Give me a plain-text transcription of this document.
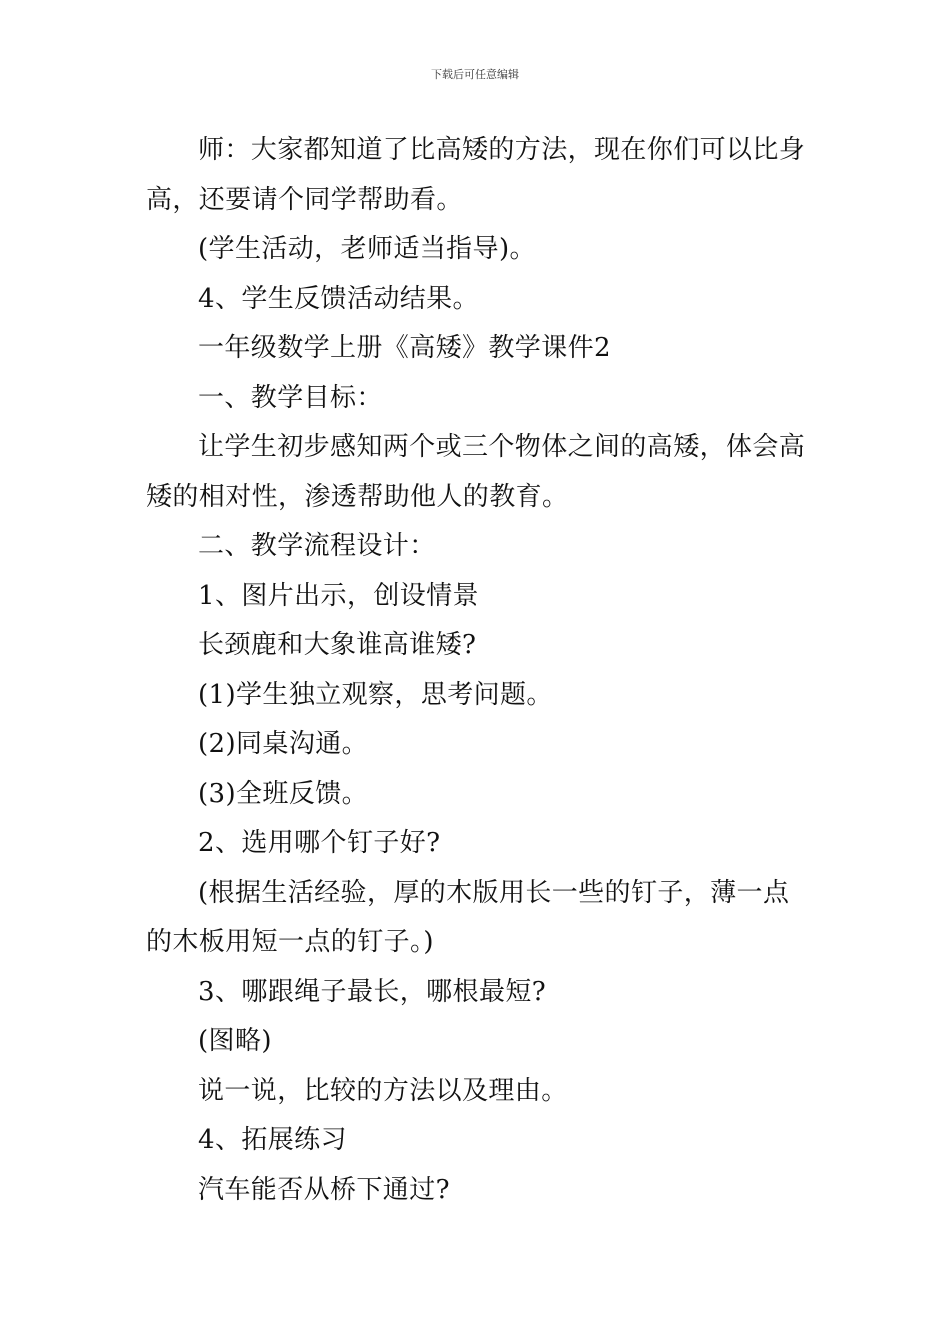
下载后可任意编辑

师：大家都知道了比高矮的方法，现在你们可以比身高，还要请个同学帮助看。

(学生活动，老师适当指导)。

4、学生反馈活动结果。

一年级数学上册《高矮》教学课件2

一、教学目标：

让学生初步感知两个或三个物体之间的高矮，体会高矮的相对性，渗透帮助他人的教育。

二、教学流程设计：

1、图片出示，创设情景

长颈鹿和大象谁高谁矮?

(1)学生独立观察，思考问题。

(2)同桌沟通。

(3)全班反馈。

2、选用哪个钉子好?

(根据生活经验，厚的木版用长一些的钉子，薄一点的木板用短一点的钉子。)

3、哪跟绳子最长，哪根最短?

(图略)

说一说，比较的方法以及理由。

4、拓展练习

汽车能否从桥下通过?
